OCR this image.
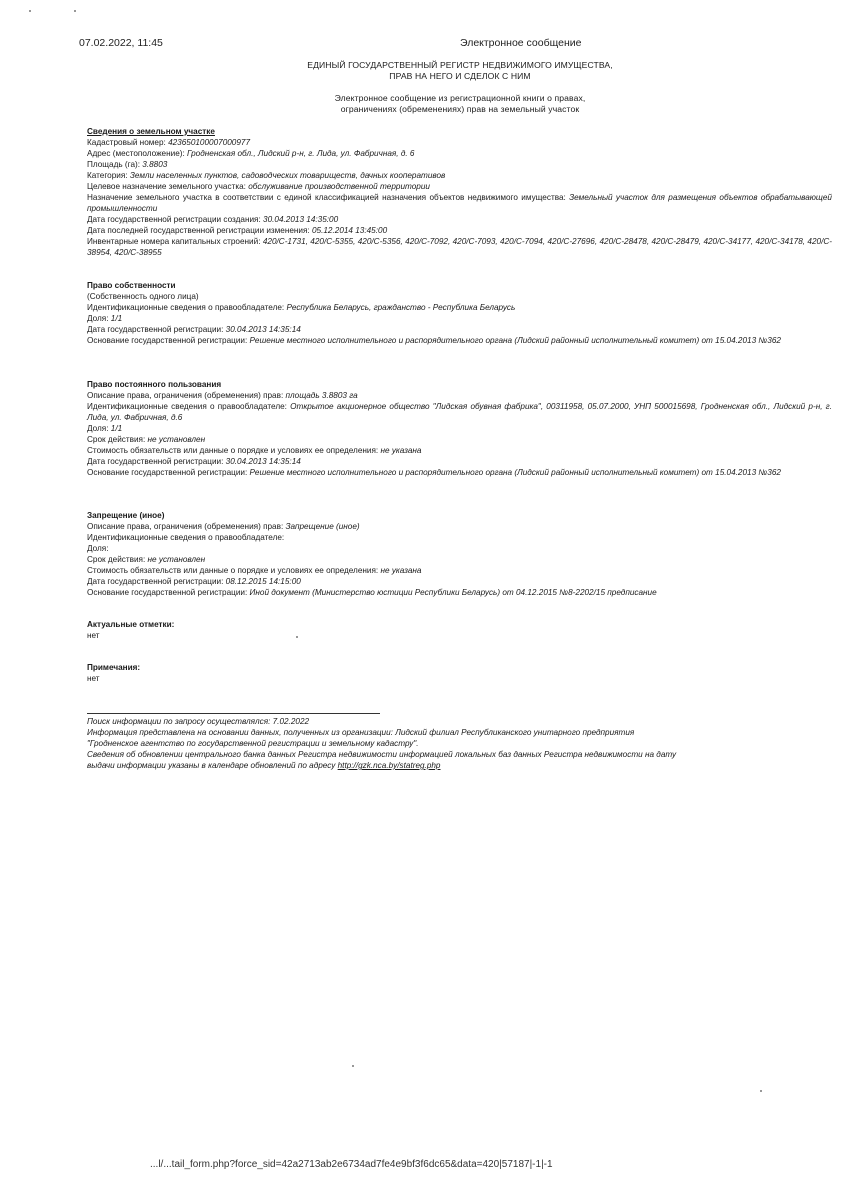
07.02.2022, 11:45	Электронное сообщение
ЕДИНЫЙ ГОСУДАРСТВЕННЫЙ РЕГИСТР НЕДВИЖИМОГО ИМУЩЕСТВА,
ПРАВ НА НЕГО И СДЕЛОК С НИМ
Электронное сообщение из регистрационной книги о правах,
ограничениях (обременениях) прав на земельный участок
Сведения о земельном участке
Кадастровый номер: 423650100007000977
Адрес (местоположение): Гродненская обл., Лидский р-н, г. Лида, ул. Фабричная, д. 6
Площадь (га): 3.8803
Категория: Земли населенных пунктов, садоводческих товариществ, дачных кооперативов
Целевое назначение земельного участка: обслуживание производственной территории
Назначение земельного участка в соответствии с единой классификацией назначения объектов недвижимого имущества: Земельный участок для размещения объектов обрабатывающей промышленности
Дата государственной регистрации создания: 30.04.2013 14:35:00
Дата последней государственной регистрации изменения: 05.12.2014 13:45:00
Инвентарные номера капитальных строений: 420/C-1731, 420/C-5355, 420/C-5356, 420/C-7092, 420/C-7093, 420/C-7094, 420/C-27696, 420/C-28478, 420/C-28479, 420/C-34177, 420/C-34178, 420/C-38954, 420/C-38955
Право собственности
(Собственность одного лица)
Идентификационные сведения о правообладателе: Республика Беларусь, гражданство - Республика Беларусь
Доля: 1/1
Дата государственной регистрации: 30.04.2013 14:35:14
Основание государственной регистрации: Решение местного исполнительного и распорядительного органа (Лидский районный исполнительный комитет) от 15.04.2013 №362
Право постоянного пользования
Описание права, ограничения (обременения) прав: площадь 3.8803 га
Идентификационные сведения о правообладателе: Открытое акционерное общество "Лидская обувная фабрика", 00311958, 05.07.2000, УНП 500015698, Гродненская обл., Лидский р-н, г. Лида, ул. Фабричная, д.6
Доля: 1/1
Срок действия: не установлен
Стоимость обязательств или данные о порядке и условиях ее определения: не указана
Дата государственной регистрации: 30.04.2013 14:35:14
Основание государственной регистрации: Решение местного исполнительного и распорядительного органа (Лидский районный исполнительный комитет) от 15.04.2013 №362
Запрещение (иное)
Описание права, ограничения (обременения) прав: Запрещение (иное)
Идентификационные сведения о правообладателе:
Доля:
Срок действия: не установлен
Стоимость обязательств или данные о порядке и условиях ее определения: не указана
Дата государственной регистрации: 08.12.2015 14:15:00
Основание государственной регистрации: Иной документ (Министерство юстиции Республики Беларусь) от 04.12.2015 №8-2202/15 предписание
Актуальные отметки:
нет
Примечания:
нет
Поиск информации по запросу осуществлялся: 7.02.2022
Информация представлена на основании данных, полученных из организации: Лидский филиал Республиканского унитарного предприятия
"Гродненское агентство по государственной регистрации и земельному кадастру".
Сведения об обновлении центрального банка данных Регистра недвижимости информацией локальных баз данных Регистра недвижимости на дату
выдачи информации указаны в календаре обновлений по адресу http://gzk.nca.by/statreg.php
...l/...tail_form.php?force_sid=42a2713ab2e6734ad7fe4e9bf3f6dc65&data=420|57187|-1|-1
